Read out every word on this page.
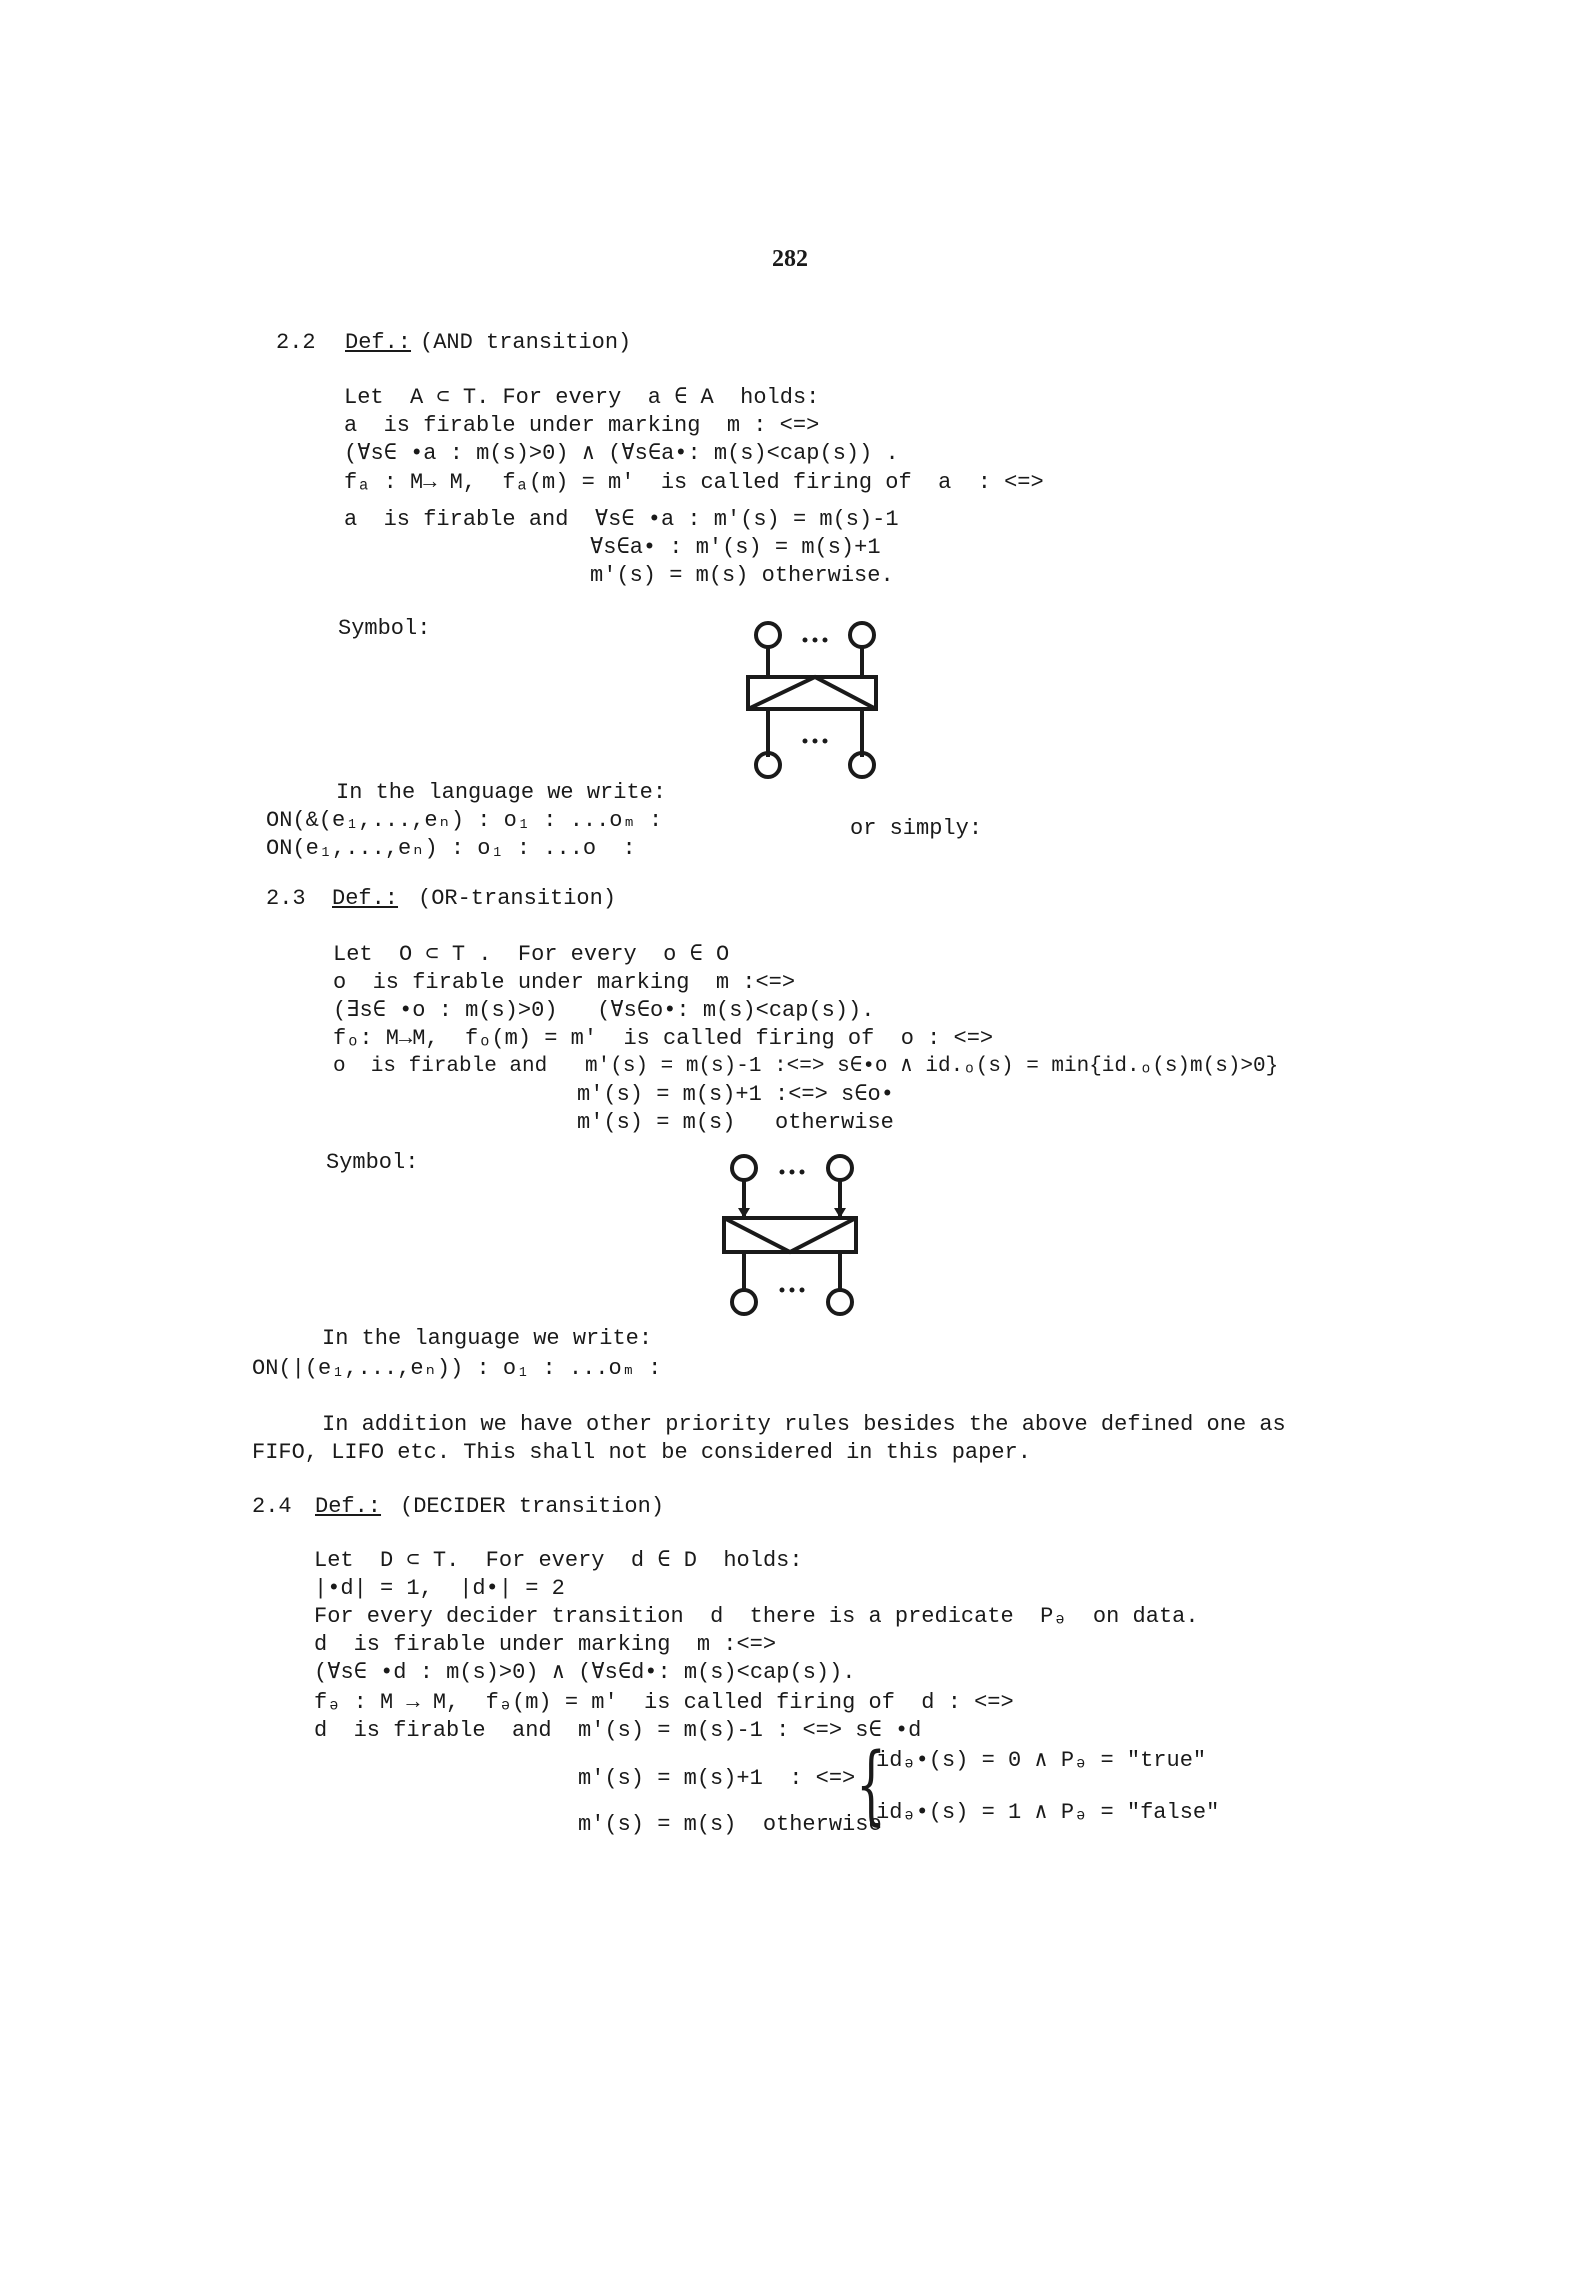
282
2.2 Def.: (AND transition)
Let  A ⊂ T. For every  a ∈ A  holds:
a  is firable under marking  m : <=>
(∀s∈ •a : m(s)>0) ∧ (∀s∈a•: m(s)<cap(s)) .
fₐ : M→ M,  fₐ(m) = m'  is called firing of  a  : <=>
a  is firable and  ∀s∈ •a : m'(s) = m(s)-1
∀s∈a• : m'(s) = m(s)+1
m'(s) = m(s) otherwise.
Symbol:
In the language we write:
ON(&(e₁,...,eₙ) : o₁ : ...oₘ :
ON(e₁,...,eₙ) : o₁ : ...o  :
or simply:
2.3 Def.: (OR-transition)
Let  O ⊂ T .  For every  o ∈ O
o  is firable under marking  m :<=>
(∃s∈ •o : m(s)>0)   (∀s∈o•: m(s)<cap(s)).
fₒ: M→M,  fₒ(m) = m'  is called firing of  o : <=>
o  is firable and   m'(s) = m(s)-1 :<=> s∈•o ∧ id.ₒ(s) = min{id.ₒ(s)m(s)>0}
m'(s) = m(s)+1 :<=> s∈o•
m'(s) = m(s)   otherwise
Symbol:
In the language we write:
ON(|(e₁,...,eₙ)) : o₁ : ...oₘ :
In addition we have other priority rules besides the above defined one as
FIFO, LIFO etc. This shall not be considered in this paper.
2.4 Def.: (DECIDER transition)
Let  D ⊂ T.  For every  d ∈ D  holds:
|•d| = 1,  |d•| = 2
For every decider transition  d  there is a predicate  Pₔ  on data.
d  is firable under marking  m :<=>
(∀s∈ •d : m(s)>0) ∧ (∀s∈d•: m(s)<cap(s)).
fₔ : M → M,  fₔ(m) = m'  is called firing of  d : <=>
d  is firable  and  m'(s) = m(s)-1 : <=> s∈ •d
m'(s) = m(s)+1  : <=> {
idₔ•(s) = 0 ∧ Pₔ = "true"
idₔ•(s) = 1 ∧ Pₔ = "false"
m'(s) = m(s)  otherwise
